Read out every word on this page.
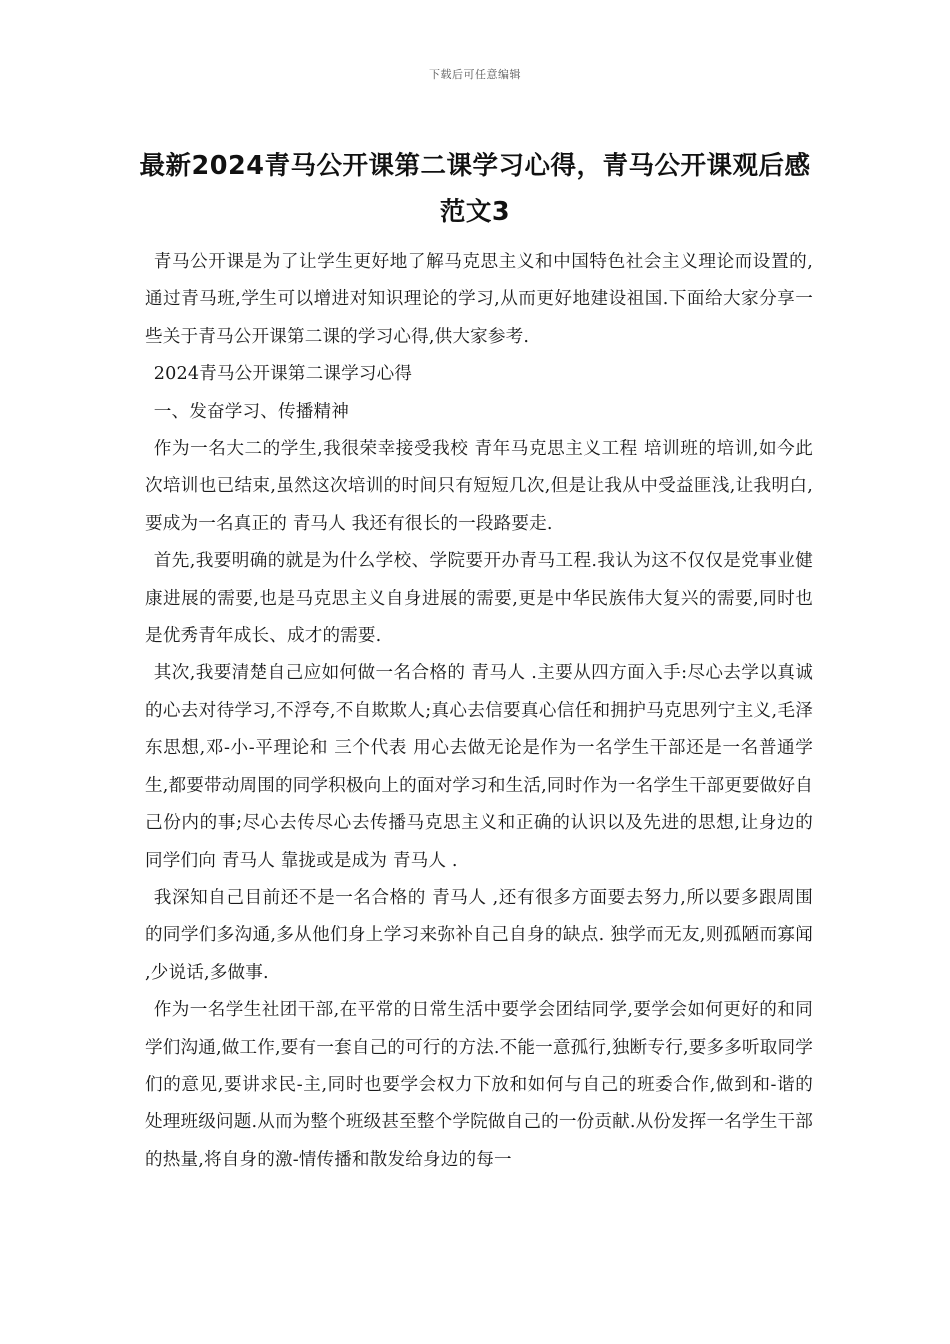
下载后可任意编辑
最新2024青马公开课第二课学习心得，青马公开课观后感范文3

青马公开课是为了让学生更好地了解马克思主义和中国特色社会主义理论而设置的,通过青马班,学生可以增进对知识理论的学习,从而更好地建设祖国.下面给大家分享一些关于青马公开课第二课的学习心得,供大家参考.

2024青马公开课第二课学习心得

一、发奋学习、传播精神

作为一名大二的学生,我很荣幸接受我校 青年马克思主义工程 培训班的培训,如今此次培训也已结束,虽然这次培训的时间只有短短几次,但是让我从中受益匪浅,让我明白,要成为一名真正的 青马人 我还有很长的一段路要走.

首先,我要明确的就是为什么学校、学院要开办青马工程.我认为这不仅仅是党事业健康进展的需要,也是马克思主义自身进展的需要,更是中华民族伟大复兴的需要,同时也是优秀青年成长、成才的需要.

其次,我要清楚自己应如何做一名合格的 青马人 .主要从四方面入手:尽心去学以真诚的心去对待学习,不浮夸,不自欺欺人;真心去信要真心信任和拥护马克思列宁主义,毛泽东思想,邓-小-平理论和 三个代表 用心去做无论是作为一名学生干部还是一名普通学生,都要带动周围的同学积极向上的面对学习和生活,同时作为一名学生干部更要做好自己份内的事;尽心去传尽心去传播马克思主义和正确的认识以及先进的思想,让身边的同学们向 青马人 靠拢或是成为 青马人 .

我深知自己目前还不是一名合格的 青马人 ,还有很多方面要去努力,所以要多跟周围的同学们多沟通,多从他们身上学习来弥补自己自身的缺点. 独学而无友,则孤陋而寡闻 ,少说话,多做事.

作为一名学生社团干部,在平常的日常生活中要学会团结同学,要学会如何更好的和同学们沟通,做工作,要有一套自己的可行的方法.不能一意孤行,独断专行,要多多听取同学们的意见,要讲求民-主,同时也要学会权力下放和如何与自己的班委合作,做到和-谐的处理班级问题.从而为整个班级甚至整个学院做自己的一份贡献.从份发挥一名学生干部的热量,将自身的激-情传播和散发给身边的每一
